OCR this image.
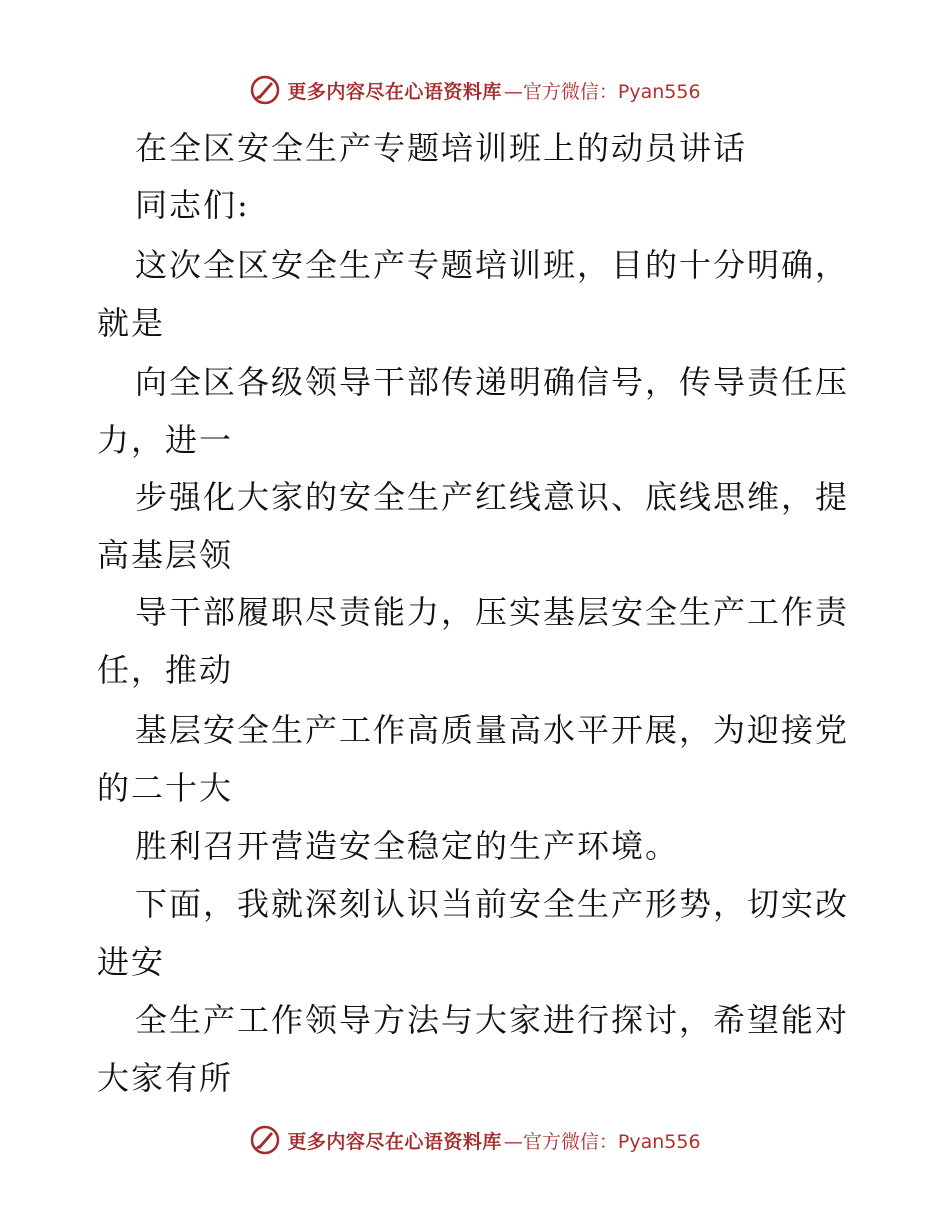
更多内容尽在心语资料库 —官方微信：Pyan556
在全区安全生产专题培训班上的动员讲话
同志们:
这次全区安全生产专题培训班，目的十分明确，
就是
向全区各级领导干部传递明确信号，传导责任压
力，进一
步强化大家的安全生产红线意识、底线思维，提
高基层领
导干部履职尽责能力，压实基层安全生产工作责
任，推动
基层安全生产工作高质量高水平开展，为迎接党
的二十大
胜利召开营造安全稳定的生产环境。
下面，我就深刻认识当前安全生产形势，切实改
进安
全生产工作领导方法与大家进行探讨，希望能对
大家有所
更多内容尽在心语资料库 —官方微信：Pyan556
